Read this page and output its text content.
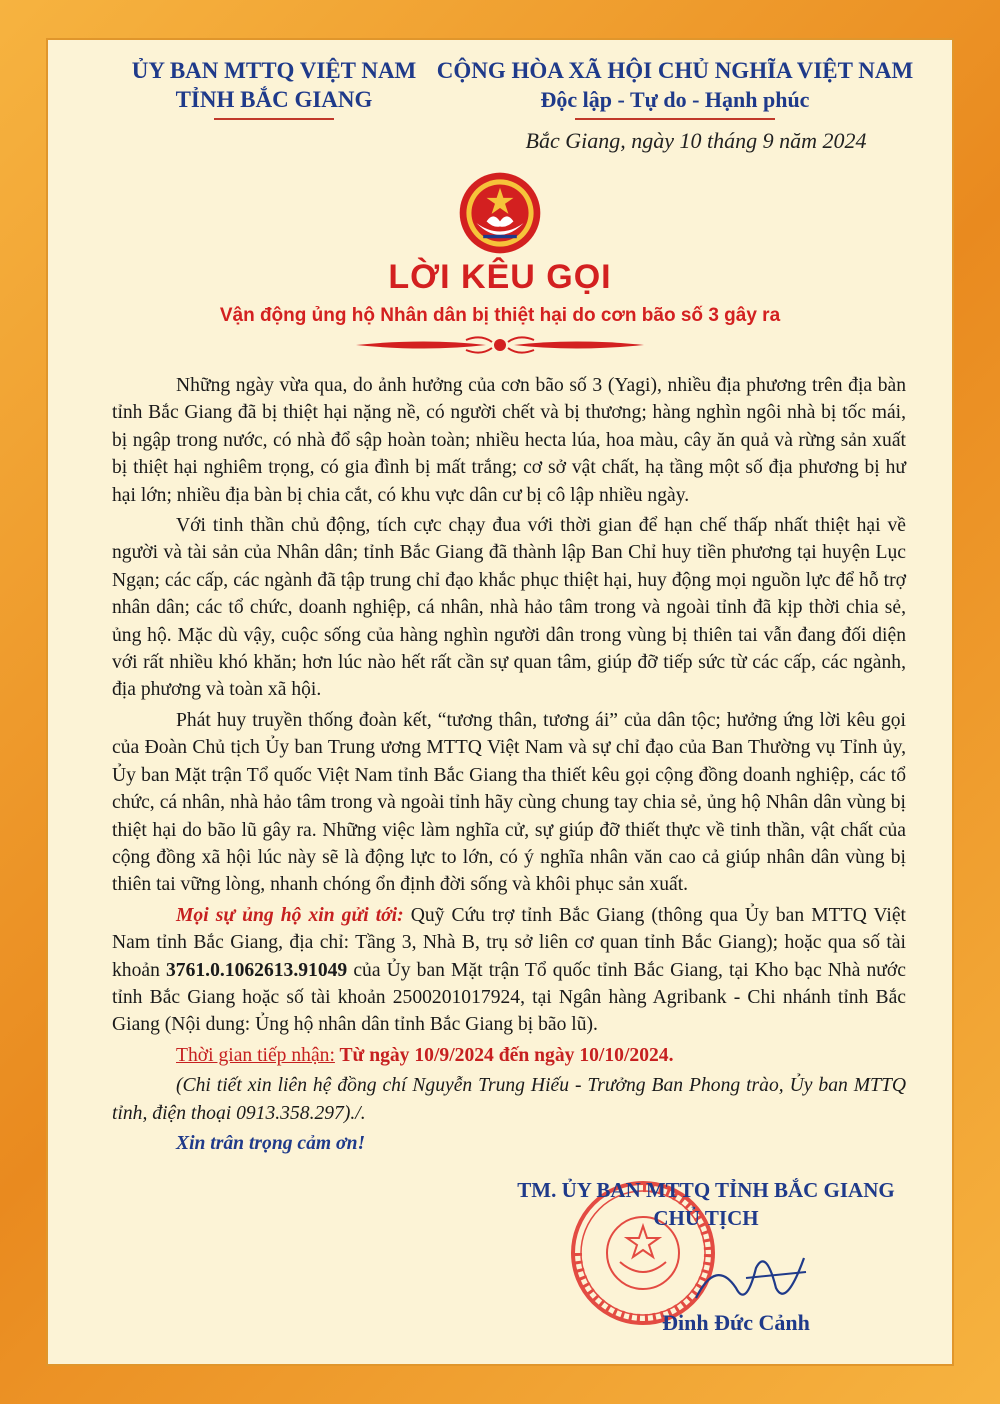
ỦY BAN MTTQ VIỆT NAM
TỈNH BẮC GIANG
CỘNG HÒA XÃ HỘI CHỦ NGHĨA VIỆT NAM
Độc lập - Tự do - Hạnh phúc
Bắc Giang, ngày 10 tháng 9 năm 2024
LỜI KÊU GỌI
Vận động ủng hộ Nhân dân bị thiệt hại do cơn bão số 3 gây ra

Những ngày vừa qua, do ảnh hưởng của cơn bão số 3 (Yagi), nhiều địa phương trên địa bàn tỉnh Bắc Giang đã bị thiệt hại nặng nề, có người chết và bị thương; hàng nghìn ngôi nhà bị tốc mái, bị ngập trong nước, có nhà đổ sập hoàn toàn; nhiều hecta lúa, hoa màu, cây ăn quả và rừng sản xuất bị thiệt hại nghiêm trọng, có gia đình bị mất trắng; cơ sở vật chất, hạ tầng một số địa phương bị hư hại lớn; nhiều địa bàn bị chia cắt, có khu vực dân cư bị cô lập nhiều ngày.

Với tinh thần chủ động, tích cực chạy đua với thời gian để hạn chế thấp nhất thiệt hại về người và tài sản của Nhân dân; tỉnh Bắc Giang đã thành lập Ban Chỉ huy tiền phương tại huyện Lục Ngạn; các cấp, các ngành đã tập trung chỉ đạo khắc phục thiệt hại, huy động mọi nguồn lực để hỗ trợ nhân dân; các tổ chức, doanh nghiệp, cá nhân, nhà hảo tâm trong và ngoài tỉnh đã kịp thời chia sẻ, ủng hộ. Mặc dù vậy, cuộc sống của hàng nghìn người dân trong vùng bị thiên tai vẫn đang đối diện với rất nhiều khó khăn; hơn lúc nào hết rất cần sự quan tâm, giúp đỡ tiếp sức từ các cấp, các ngành, địa phương và toàn xã hội.

Phát huy truyền thống đoàn kết, “tương thân, tương ái” của dân tộc; hưởng ứng lời kêu gọi của Đoàn Chủ tịch Ủy ban Trung ương MTTQ Việt Nam và sự chỉ đạo của Ban Thường vụ Tỉnh ủy, Ủy ban Mặt trận Tổ quốc Việt Nam tỉnh Bắc Giang tha thiết kêu gọi cộng đồng doanh nghiệp, các tổ chức, cá nhân, nhà hảo tâm trong và ngoài tỉnh hãy cùng chung tay chia sẻ, ủng hộ Nhân dân vùng bị thiệt hại do bão lũ gây ra. Những việc làm nghĩa cử, sự giúp đỡ thiết thực về tinh thần, vật chất của cộng đồng xã hội lúc này sẽ là động lực to lớn, có ý nghĩa nhân văn cao cả giúp nhân dân vùng bị thiên tai vững lòng, nhanh chóng ổn định đời sống và khôi phục sản xuất.

Mọi sự ủng hộ xin gửi tới: Quỹ Cứu trợ tỉnh Bắc Giang (thông qua Ủy ban MTTQ Việt Nam tỉnh Bắc Giang, địa chỉ: Tầng 3, Nhà B, trụ sở liên cơ quan tỉnh Bắc Giang); hoặc qua số tài khoản 3761.0.1062613.91049 của Ủy ban Mặt trận Tổ quốc tỉnh Bắc Giang, tại Kho bạc Nhà nước tỉnh Bắc Giang hoặc số tài khoản 2500201017924, tại Ngân hàng Agribank - Chi nhánh tỉnh Bắc Giang (Nội dung: Ủng hộ nhân dân tỉnh Bắc Giang bị bão lũ).

Thời gian tiếp nhận: Từ ngày 10/9/2024 đến ngày 10/10/2024.

(Chi tiết xin liên hệ đồng chí Nguyễn Trung Hiếu - Trưởng Ban Phong trào, Ủy ban MTTQ tỉnh, điện thoại 0913.358.297)./.

Xin trân trọng cảm ơn!

TM. ỦY BAN MTTQ TỈNH BẮC GIANG
CHỦ TỊCH
Đinh Đức Cảnh
